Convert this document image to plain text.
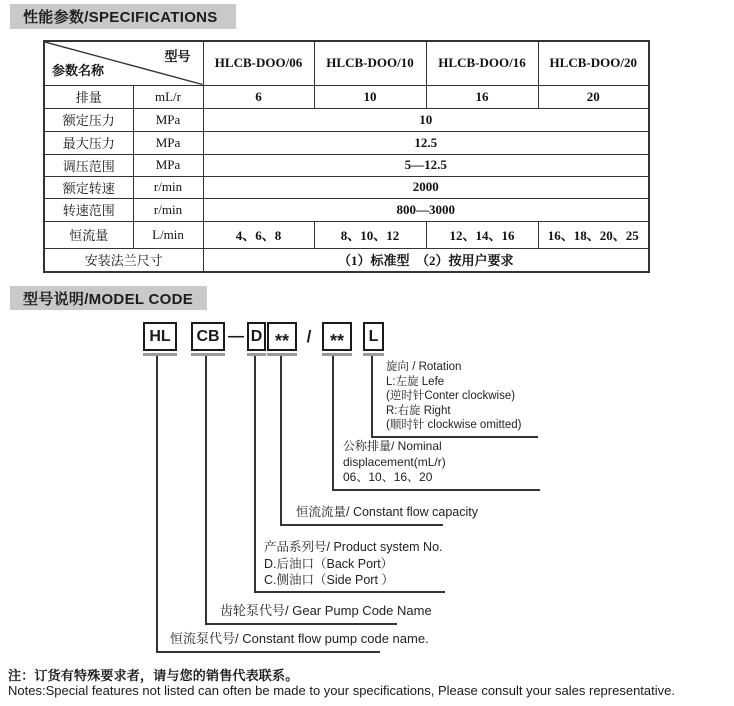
性能参数/SPECIFICATIONS
型号
参数名称		HLCB-DOO/06	HLCB-DOO/10	HLCB-DOO/16	HLCB-DOO/20
排量	mL/r	6	10	16	20
额定压力	MPa	10			
最大压力	MPa	12.5			
调压范围	MPa	5—12.5			
额定转速	r/min	2000			
转速范围	r/min	800—3000			
恒流量	L/min	4、6、8	8、10、12	12、14、16	16、18、20、25
安装法兰尺寸		（1）标准型　（2）按用户要求			
型号说明/MODEL CODE
HL	CB — D **	/	**	L
旋向 / Rotation
L:左旋 Lefe
(逆时针Conter clockwise)
R:右旋 Right
(顺时针 clockwise omitted)
公称排量/ Nominal
displacement(mL/r)
06、10、16、20
恒流流量/ Constant flow capacity
产品系列号/ Product system No.
D.后油口（Back Port）
C.侧油口（Side Port ）
齿轮泵代号/ Gear Pump Code Name
恒流泵代号/ Constant flow pump code name.
注：订货有特殊要求者，请与您的销售代表联系。
Notes:Special features not listed can often be made to your specifications, Please consult your sales representative.
